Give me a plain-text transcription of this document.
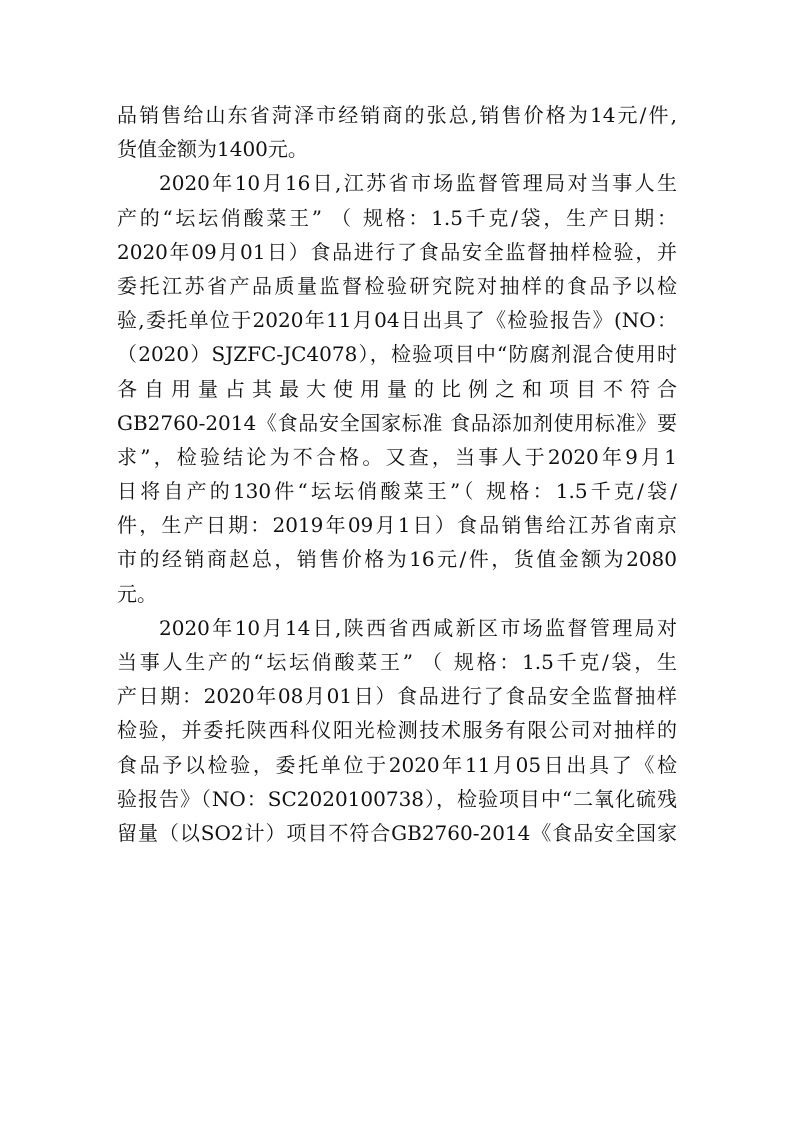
品销售给山东省菏泽市经销商的张总,销售价格为14元/件,
货值金额为1400元。
2020年10月16日,江苏省市场监督管理局对当事人生
产的“坛坛俏酸菜王” （ 规格：1.5千克/袋，生产日期：
2020年09月01日）食品进行了食品安全监督抽样检验，并
委托江苏省产品质量监督检验研究院对抽样的食品予以检
验,委托单位于2020年11月04日出具了《检验报告》(NO：
（2020）SJZFC-JC4078），检验项目中“防腐剂混合使用时
各自用量占其最大使用量的比例之和项目不符合
GB2760-2014《食品安全国家标准 食品添加剂使用标准》要
求”，检验结论为不合格。又查，当事人于2020年9月1
日将自产的130件“坛坛俏酸菜王”（ 规格：1.5千克/袋/
件，生产日期：2019年09月1日）食品销售给江苏省南京
市的经销商赵总，销售价格为16元/件，货值金额为2080
元。
2020年10月14日,陕西省西咸新区市场监督管理局对
当事人生产的“坛坛俏酸菜王” （ 规格：1.5千克/袋，生
产日期：2020年08月01日）食品进行了食品安全监督抽样
检验，并委托陕西科仪阳光检测技术服务有限公司对抽样的
食品予以检验，委托单位于2020年11月05日出具了《检
验报告》（NO：SC2020100738），检验项目中“二氧化硫残
留量（以SO2计）项目不符合GB2760-2014《食品安全国家
